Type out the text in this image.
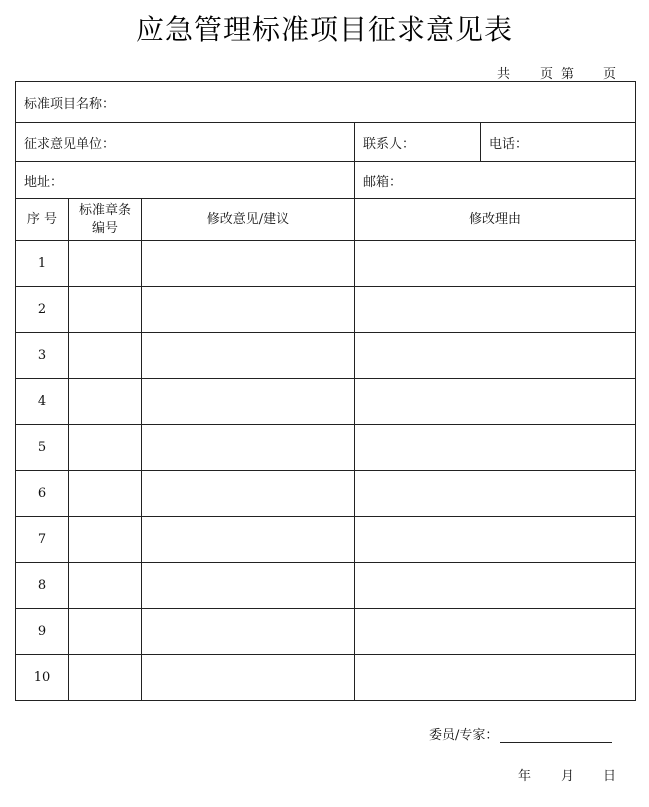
应急管理标准项目征求意见表
共 页 第 页
标准项目名称：				
征求意见单位：			联系人：	电话：
地址：			邮箱：	
序 号	标准章条编号	修改意见/建议	修改理由	
1				
2				
3				
4				
5				
6				
7				
8				
9				
10				
委员/专家：
年 月 日
